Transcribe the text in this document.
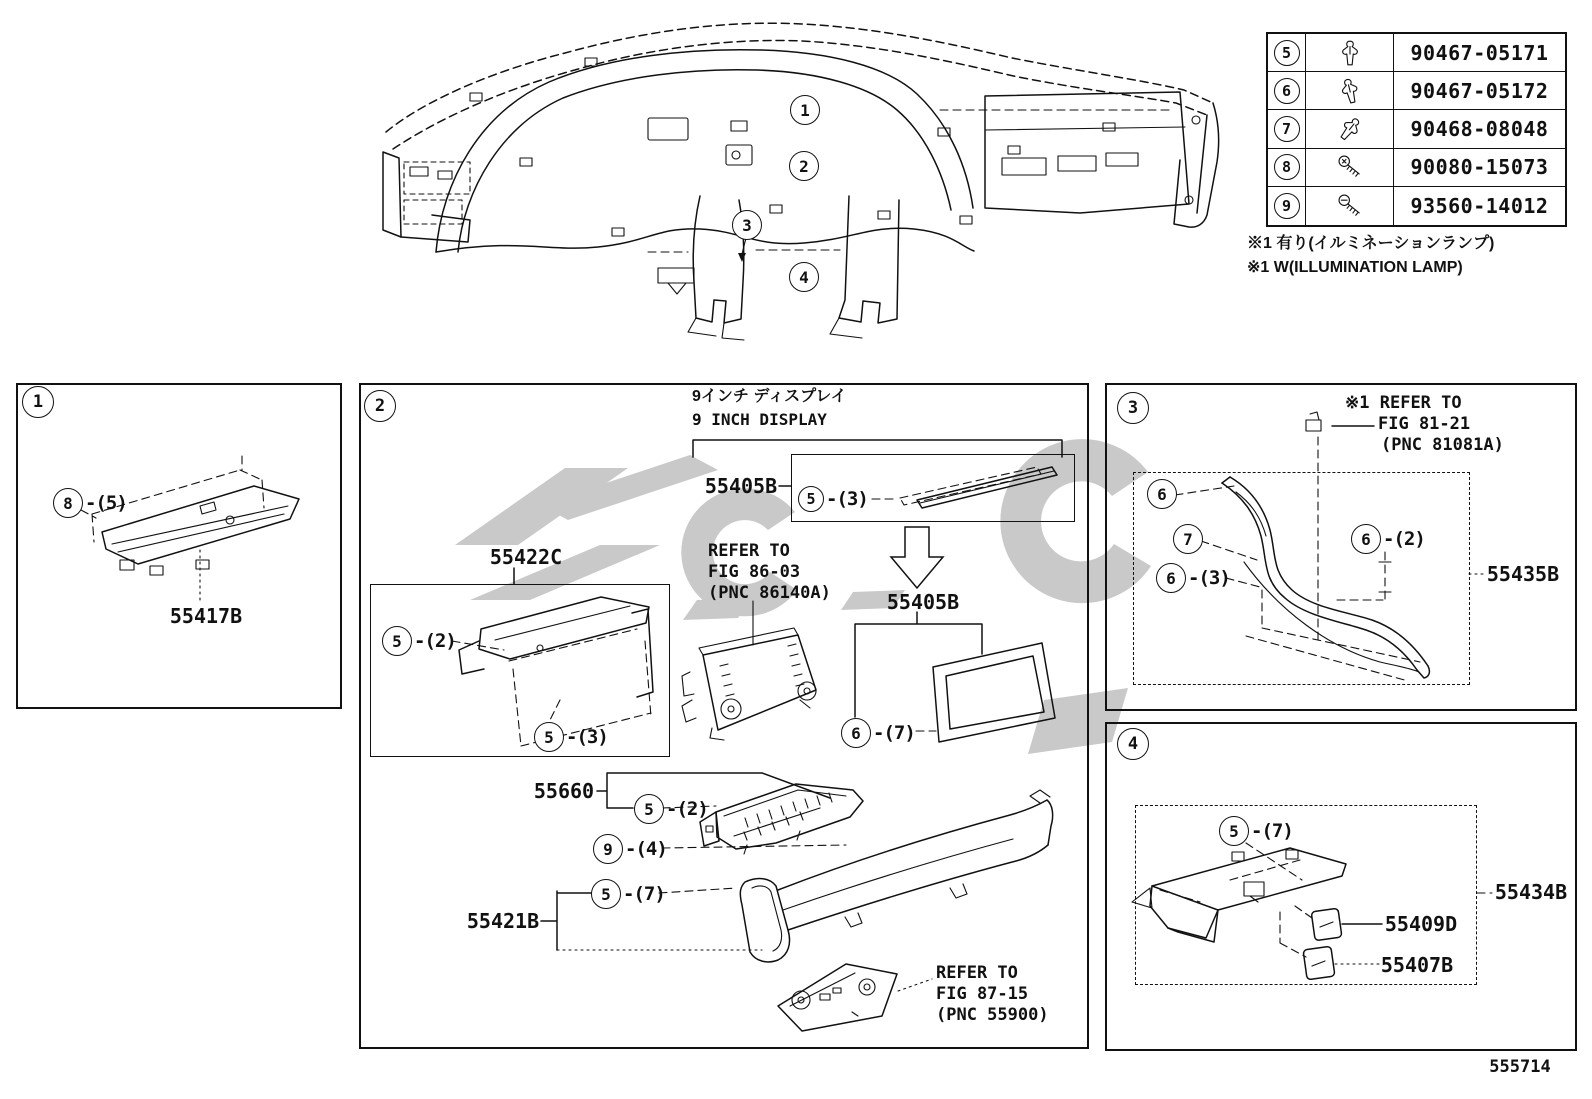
5	90467-05171
6	90467-05172
7	90468-08048
8	90080-15073
9	93560-14012
※1 有り(イルミネーションランプ)
※1 W(ILLUMINATION LAMP)
1
2
3
4
1	2	3
4
8 -(5)
55417B
9インチ ディスプレイ
9 INCH DISPLAY
55405B
5 -(3)
55422C
5 -(2)
5 -(3)
REFER TO
FIG 86-03
(PNC 86140A)	55405B
6 -(7)
55660
5 -(2)
9 -(4)
5 -(7)
55421B
REFER TO
FIG 87-15
(PNC 55900)
※1 REFER TO
FIG 81-21
(PNC 81081A)
6
7
6 -(3)
6 -(2)
55435B
5 -(7)
55434B
55409D
55407B
555714
